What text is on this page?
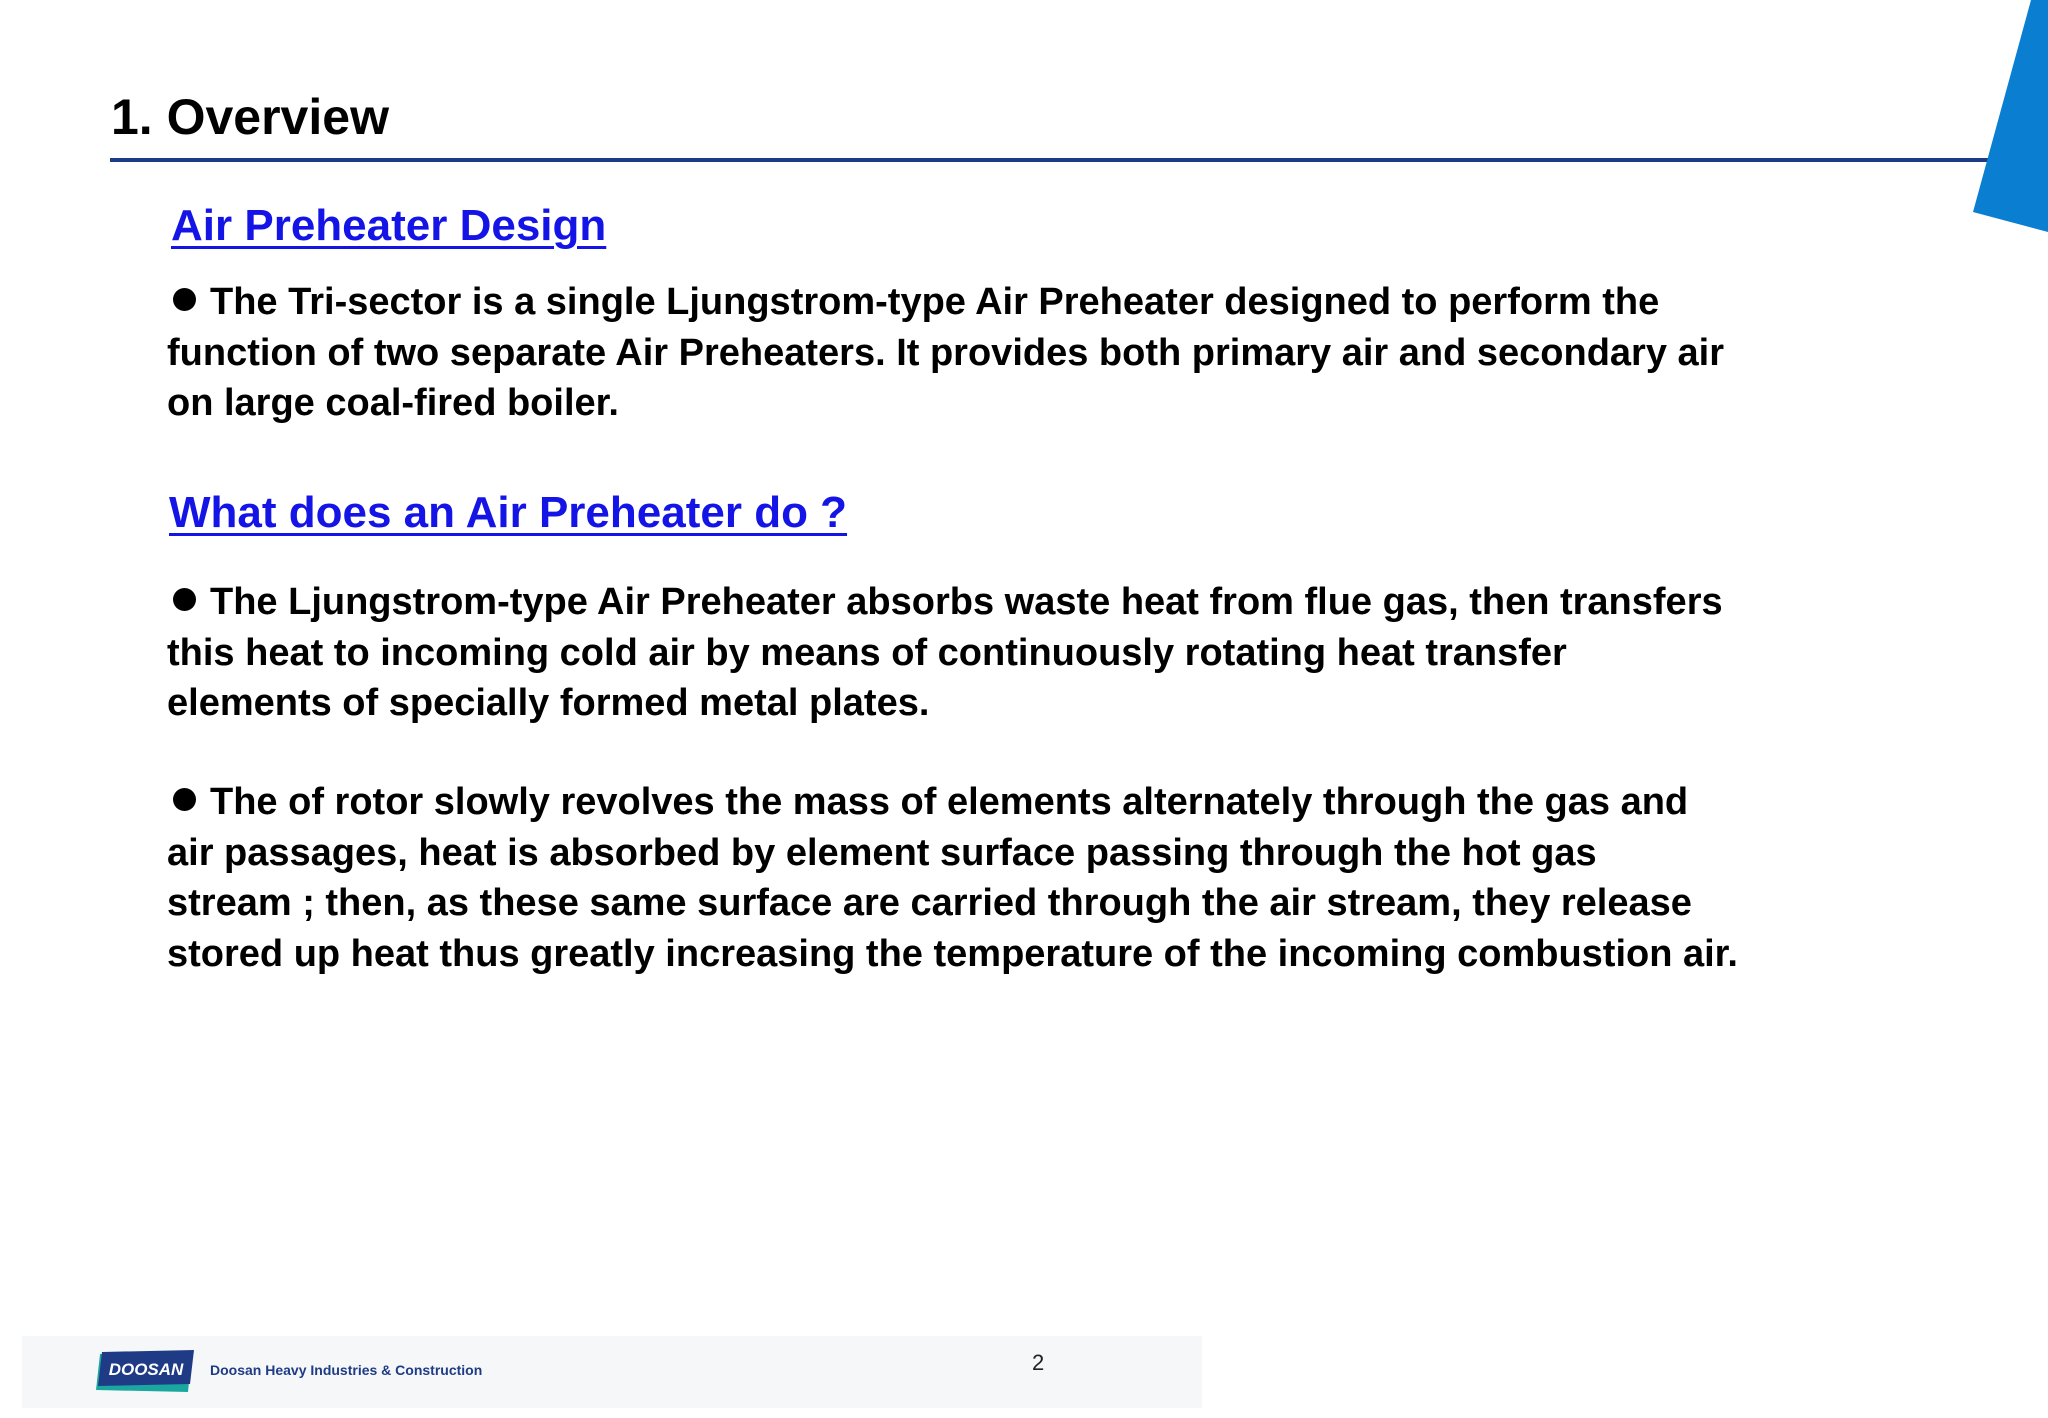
1. Overview
Air Preheater Design

The Tri-sector is a single Ljungstrom-type Air Preheater designed to perform the
function of two separate Air Preheaters. It provides both primary air and secondary air
on large coal-fired boiler.

What does an Air Preheater do ?

The Ljungstrom-type Air Preheater absorbs waste heat from flue gas, then transfers
this heat to incoming cold air by means of continuously rotating heat transfer
elements of specially formed metal plates.

The of rotor slowly revolves the mass of elements alternately through the gas and
air passages, heat is absorbed by element surface passing through the hot gas
stream ; then, as these same surface are carried through the air stream, they release
stored up heat thus greatly increasing the temperature of the incoming combustion air.

DOOSAN Doosan Heavy Industries & Construction	2
